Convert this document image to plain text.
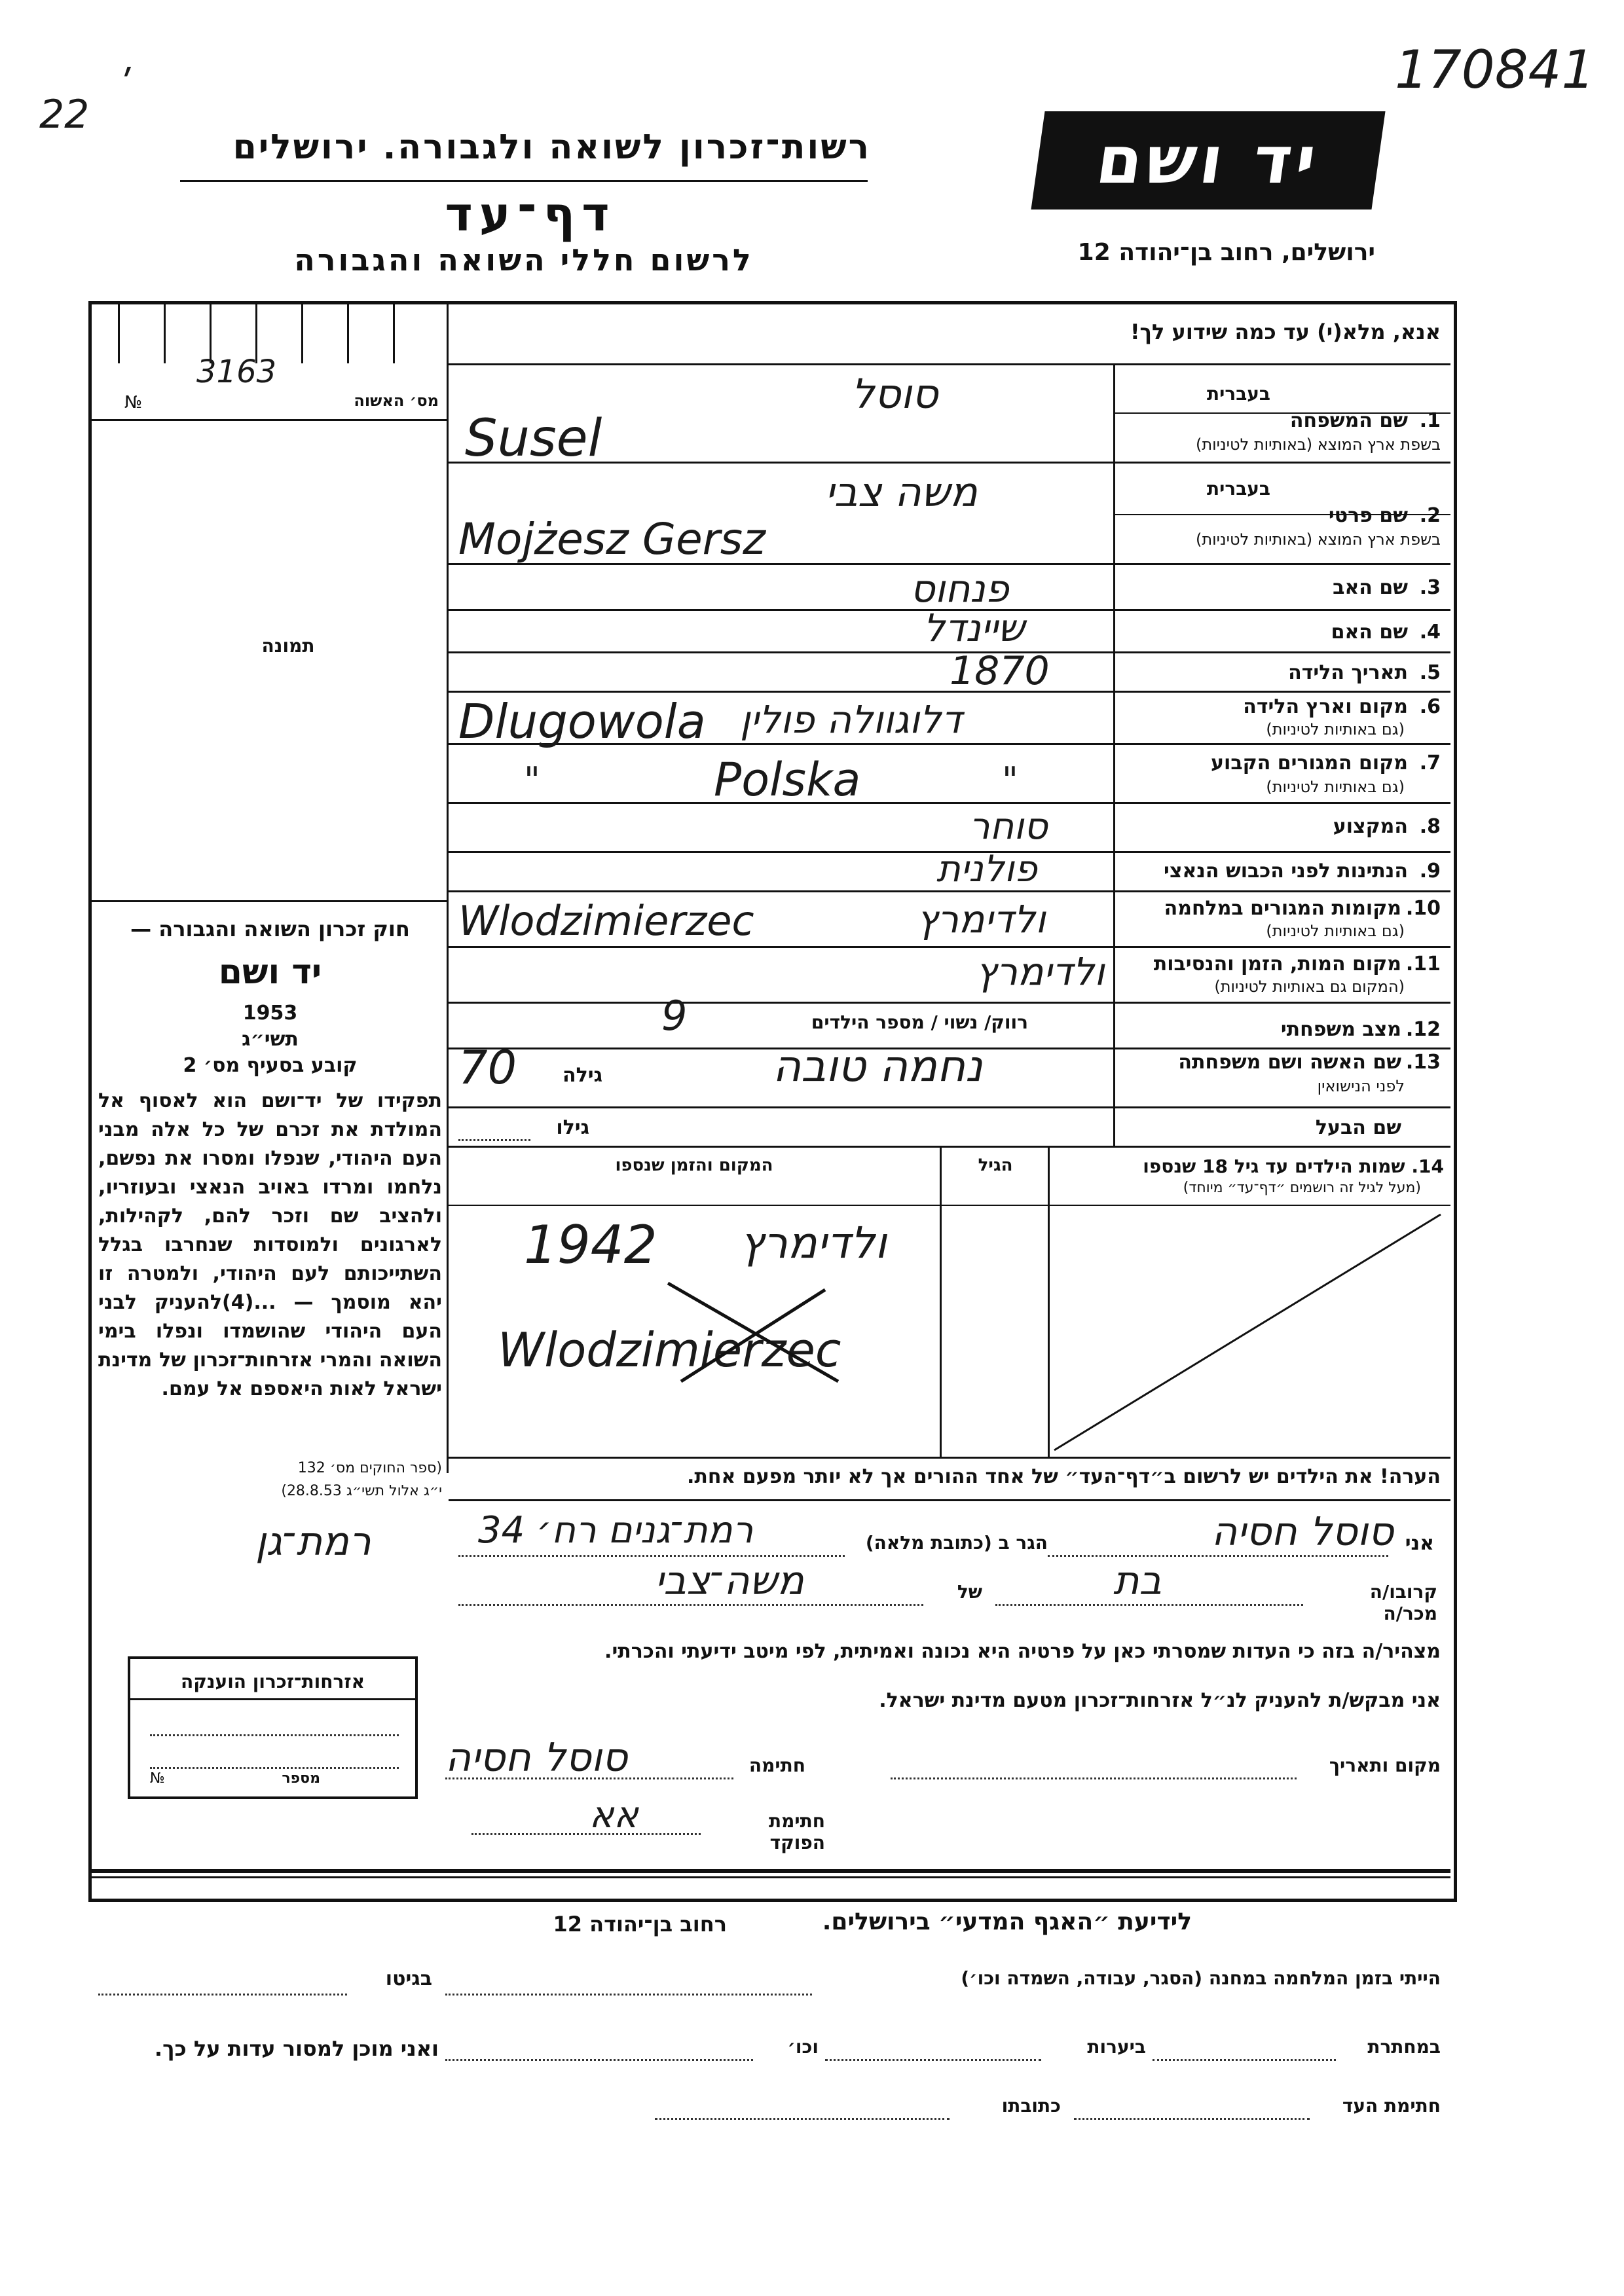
22
ʹ	170841
רשות־זכרון לשואה ולגבורה. ירושלים
דף־עד
לרשום חללי השואה והגבורה
יד ושם
ירושלים, רחוב בן־יהודה 12
אנא, מלא(י) עד כמה שידוע לך!
3163
№	מס׳ האשוה
תמונה
חוק זכרון השואה והגבורה —
יד ושם
1953
תשי״ג
קובע בסעיף מס׳ 2
תפקידו של יד־ושם הוא לאסוף אל המולדת את זכרם של כל אלה מבני העם היהודי, שנפלו ומסרו את נפשם, נלחמו ומרדו באויב הנאצי ובעוזריו, ולהציב שם וזכר להם, לקהילות, לארגונים ולמוסדות שנחרבו בגלל השתייכותם לעם היהודי, ולמטרה זו יהא מוסמך — ...(4)להעניק לבני העם היהודי שהושמדו ונפלו בימי השואה והמרי אזרחות־זכרון של מדינת ישראל לאות היאספם אל עמם.
(ספר החוקים מס׳ 132
י״ג אלול תשי״ג 28.8.53)
בעברית
1.
שם המשפחה
בשפת ארץ המוצא (באותיות לטיניות)
סוסל
Susel
בעברית
2.
שם פרטי
בשפת ארץ המוצא (באותיות לטיניות)
משה צבי
Mojżesz Gersz
3.
שם האב
פנחוס
4.
שם האם
שיינדל
5.
תאריך הלידה
1870
6.
מקום וארץ הלידה
(גם באותיות לטיניות)
דלוגוולה פולין
Dlugowola
7.
מקום המגורים הקבוע
(גם באותיות לטיניות)
"	Polska	"
8.
המקצוע
סוחר
9.
הנתינות לפני הכבוש הנאצי
פולנית
10.
מקומות המגורים במלחמה
(גם באותיות לטיניות)
ולדימרץ
Wlodzimierzec
11.
מקום המות, הזמן והנסיבות
(המקום גם באותיות לטיניות)
ולדימרץ
12.
מצב משפחתי
רווק/ נשוי / מספר הילדים
9
13.
שם האשה ושם משפחתה
לפני הנישואין
נחמה טובה
גילה
70
שם הבעל
גילו
14. שמות הילדים עד גיל 18 שנספו
(מעל לגיל זה רושמים ״דף־עד״ מיוחד)
הגיל
המקום והזמן שנספו
1942 ולדימרץ
Wlodzimierzec
הערה! את הילדים יש לרשום ב״דף־העד״ של אחד ההורים אך לא יותר מפעם אחת.
אני
סוסל חסיה
הגר ב (כתובת מלאה)
רמת־גנים רח׳ 34
רמת־גן
קרובו/ה מכר/ה
בת
של
משה־צבי
מצהיר/ה בזה כי העדות שמסרתי כאן על פרטיה היא נכונה ואמיתית, לפי מיטב ידיעתי והכרתי.
אני מבקש/ת להעניק לנ״ל אזרחות־זכרון מטעם מדינת ישראל.
מקום ותאריך
חתימה
סוסל חסיה
חתימת הפוקד
אא
אזרחות־זכרון הוענקה
מספר
№
לידיעת ״האגף המדעי״ בירושלים.
רחוב בן־יהודה 12
הייתי בזמן המלחמה במחנה (הסגר, עבודה, השמדה וכו׳)
בגיטו
במחתרת
ביערות
וכו׳
ואני מוכן למסור עדות על כך.
חתימת העד
כתובתו
